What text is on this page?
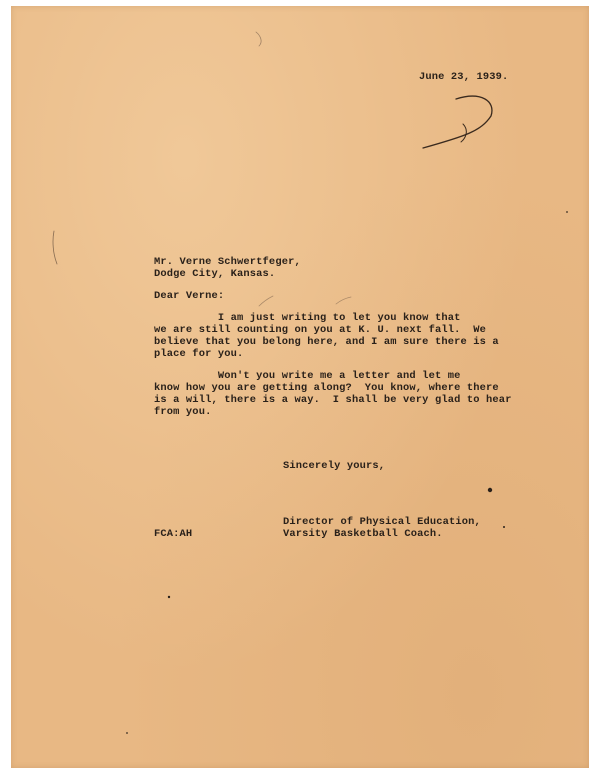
June 23, 1939.
Mr. Verne Schwertfeger,
Dodge City, Kansas.
Dear Verne:
I am just writing to let you know that
we are still counting on you at K. U. next fall.  We
believe that you belong here, and I am sure there is a
place for you.
Won't you write me a letter and let me
know how you are getting along?  You know, where there
is a will, there is a way.  I shall be very glad to hear
from you.
Sincerely yours,
Director of Physical Education,
Varsity Basketball Coach.
FCA:AH
